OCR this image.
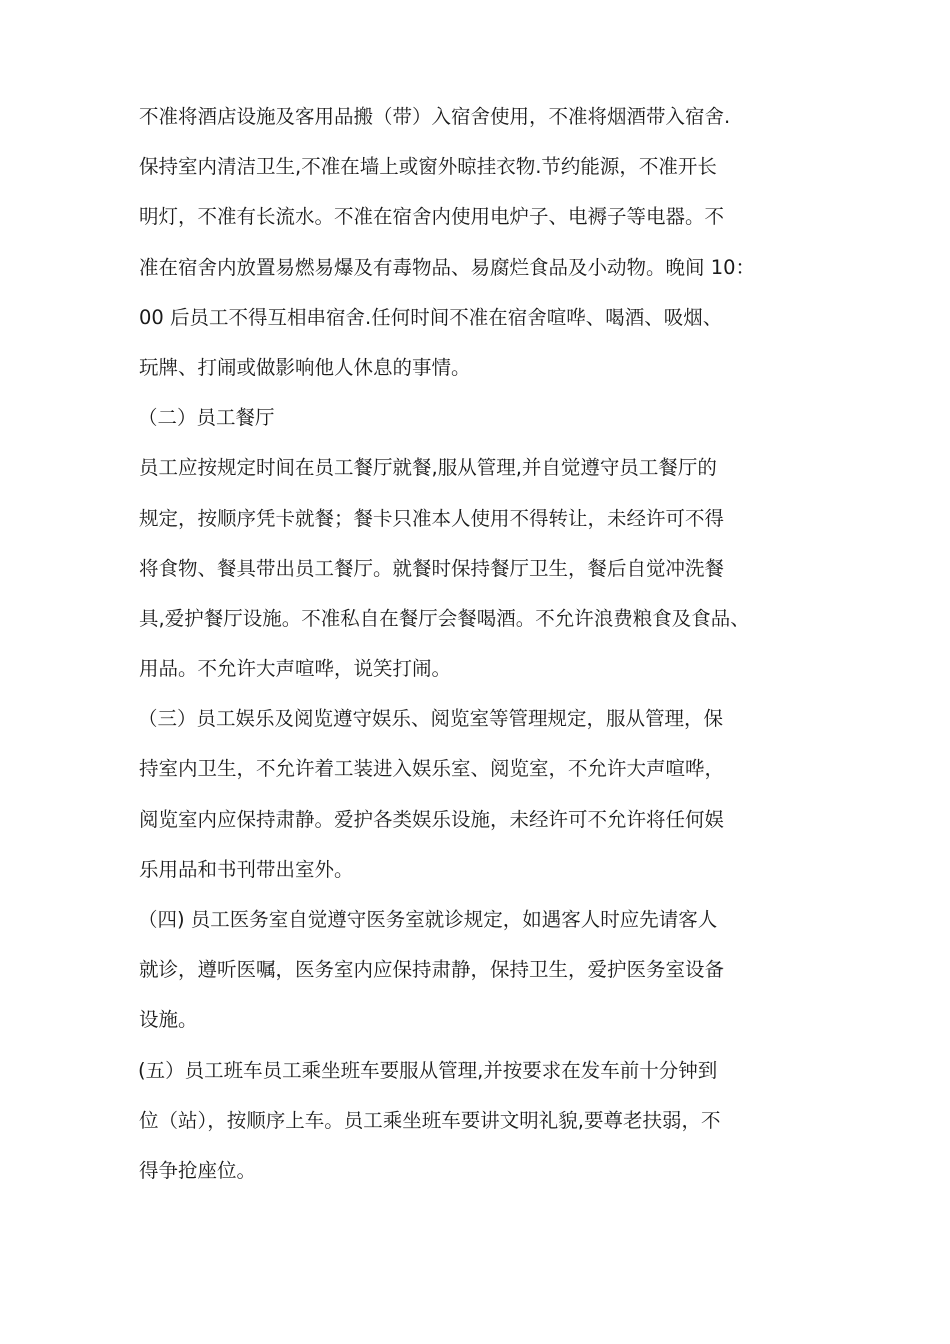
不准将酒店设施及客用品搬（带）入宿舍使用，不准将烟酒带入宿舍.
保持室内清洁卫生,不准在墙上或窗外晾挂衣物.节约能源，不准开长
明灯，不准有长流水。不准在宿舍内使用电炉子、电褥子等电器。不
准在宿舍内放置易燃易爆及有毒物品、易腐烂食品及小动物。晚间 10：
00 后员工不得互相串宿舍.任何时间不准在宿舍喧哗、喝酒、吸烟、
玩牌、打闹或做影响他人休息的事情。
（二）员工餐厅
员工应按规定时间在员工餐厅就餐,服从管理,并自觉遵守员工餐厅的
规定，按顺序凭卡就餐；餐卡只准本人使用不得转让，未经许可不得
将食物、餐具带出员工餐厅。就餐时保持餐厅卫生，餐后自觉冲洗餐
具,爱护餐厅设施。不准私自在餐厅会餐喝酒。不允许浪费粮食及食品、
用品。不允许大声喧哗，说笑打闹。
（三）员工娱乐及阅览遵守娱乐、阅览室等管理规定，服从管理，保
持室内卫生，不允许着工装进入娱乐室、阅览室，不允许大声喧哗，
阅览室内应保持肃静。爱护各类娱乐设施，未经许可不允许将任何娱
乐用品和书刊带出室外。
（四) 员工医务室自觉遵守医务室就诊规定，如遇客人时应先请客人
就诊，遵听医嘱，医务室内应保持肃静，保持卫生，爱护医务室设备
设施。
(五）员工班车员工乘坐班车要服从管理,并按要求在发车前十分钟到
位（站），按顺序上车。员工乘坐班车要讲文明礼貌,要尊老扶弱，不
得争抢座位。
